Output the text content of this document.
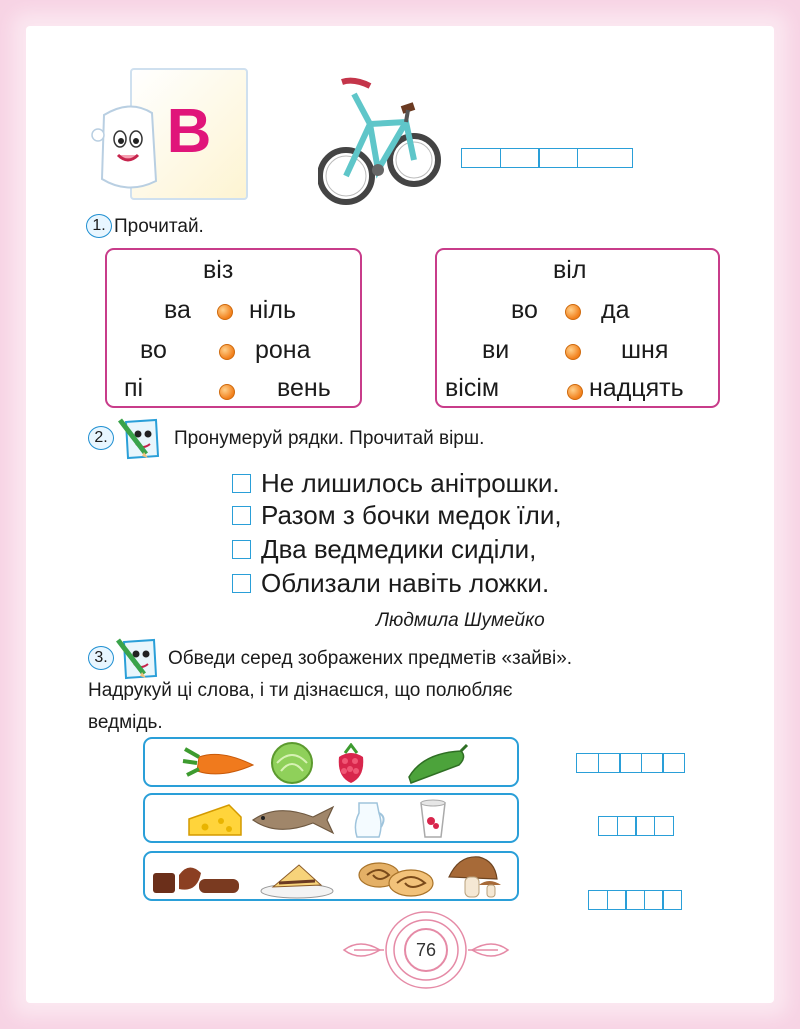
В
1. Прочитай.
віз
ва ніль
во	рона
пі	вень
віл
во	да
ви	шня
вісім	надцять
2.	Пронумеруй рядки. Прочитай вірш.
Не лишилось анітрошки.
Разом з бочки медок їли,
Два ведмедики сиділи,
Облизали навіть ложки.
Людмила Шумейко
3.	Обведи серед зображених предметів «зайві».
Надрукуй ці слова, і ти дізнаєшся, що полюбляє
ведмідь.
76
